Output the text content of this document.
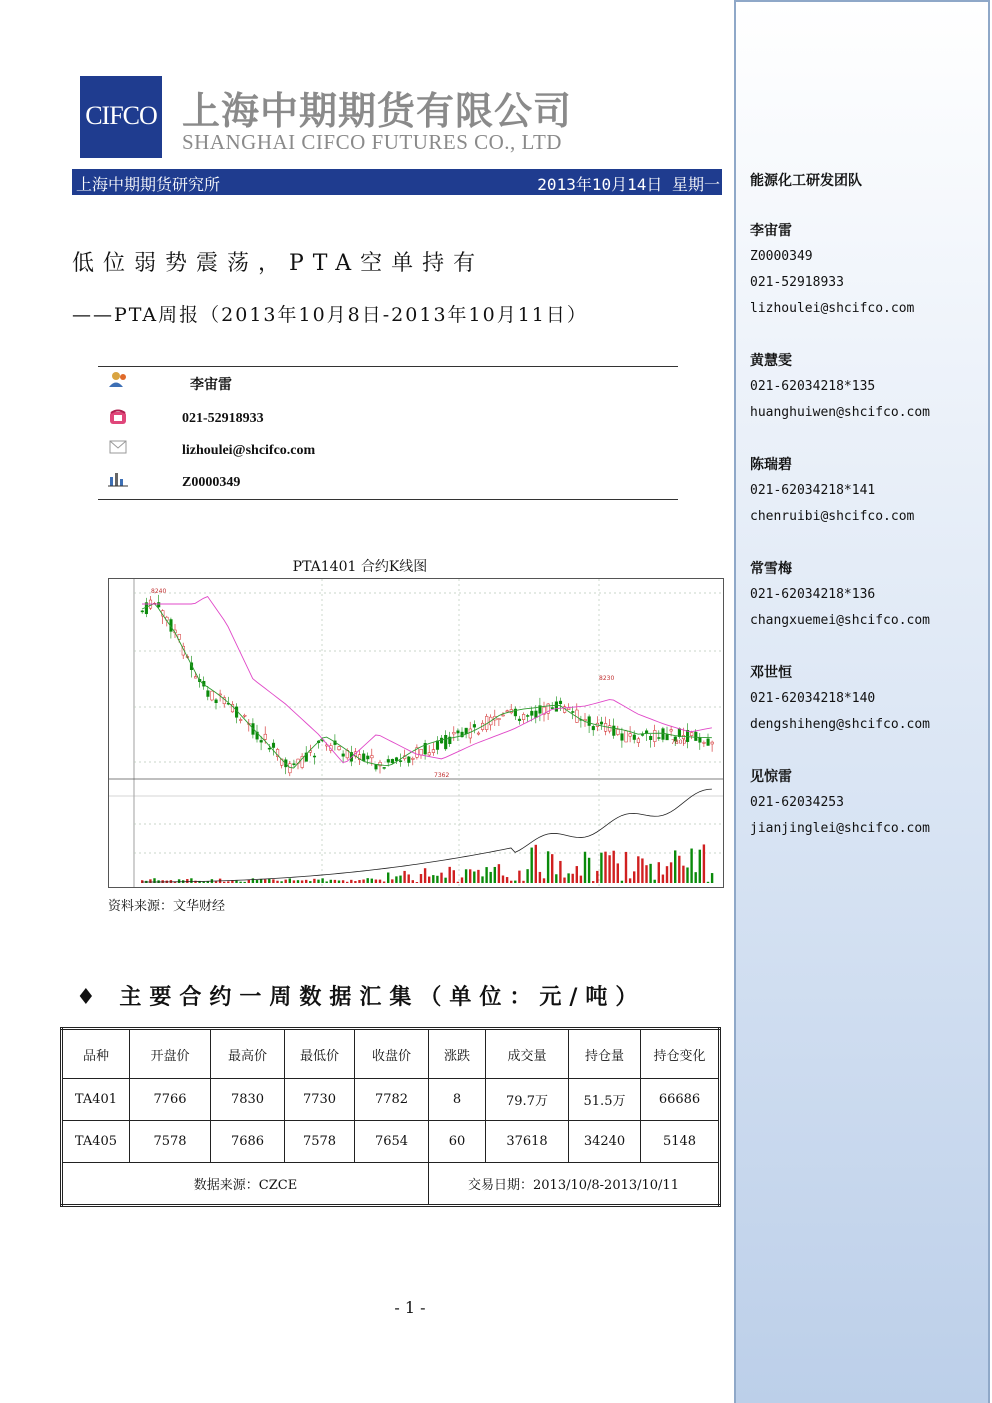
CIFCO 上海中期期货有限公司
SHANGHAI CIFCO FUTURES CO., LTD
上海中期期货研究所	2013年10月14日 星期一
低位弱势震荡，PTA空单持有
——PTA周报（2013年10月8日-2013年10月11日）
李宙雷
021-52918933
lizhoulei@shcifco.com
Z0000349
PTA1401 合约K线图
8240
7362
8230
7800
资料来源：文华财经
♦ 主要合约一周数据汇集（单位：元/吨）
品种	开盘价	最高价	最低价	收盘价	涨跌	成交量	持仓量	持仓变化
TA401	7766	7830	7730	7782	8	79.7万	51.5万	66686
TA405	7578	7686	7578	7654	60	37618	34240	5148
数据来源：CZCE					交易日期：2013/10/8-2013/10/11			
- 1 -
能源化工研发团队
李宙雷
Z0000349
021-52918933
lizhoulei@shcifco.com
黄慧雯
021-62034218*135
huanghuiwen@shcifco.com
陈瑞碧
021-62034218*141
chenruibi@shcifco.com
常雪梅
021-62034218*136
changxuemei@shcifco.com
邓世恒
021-62034218*140
dengshiheng@shcifco.com
见惊雷
021-62034253
jianjinglei@shcifco.com
